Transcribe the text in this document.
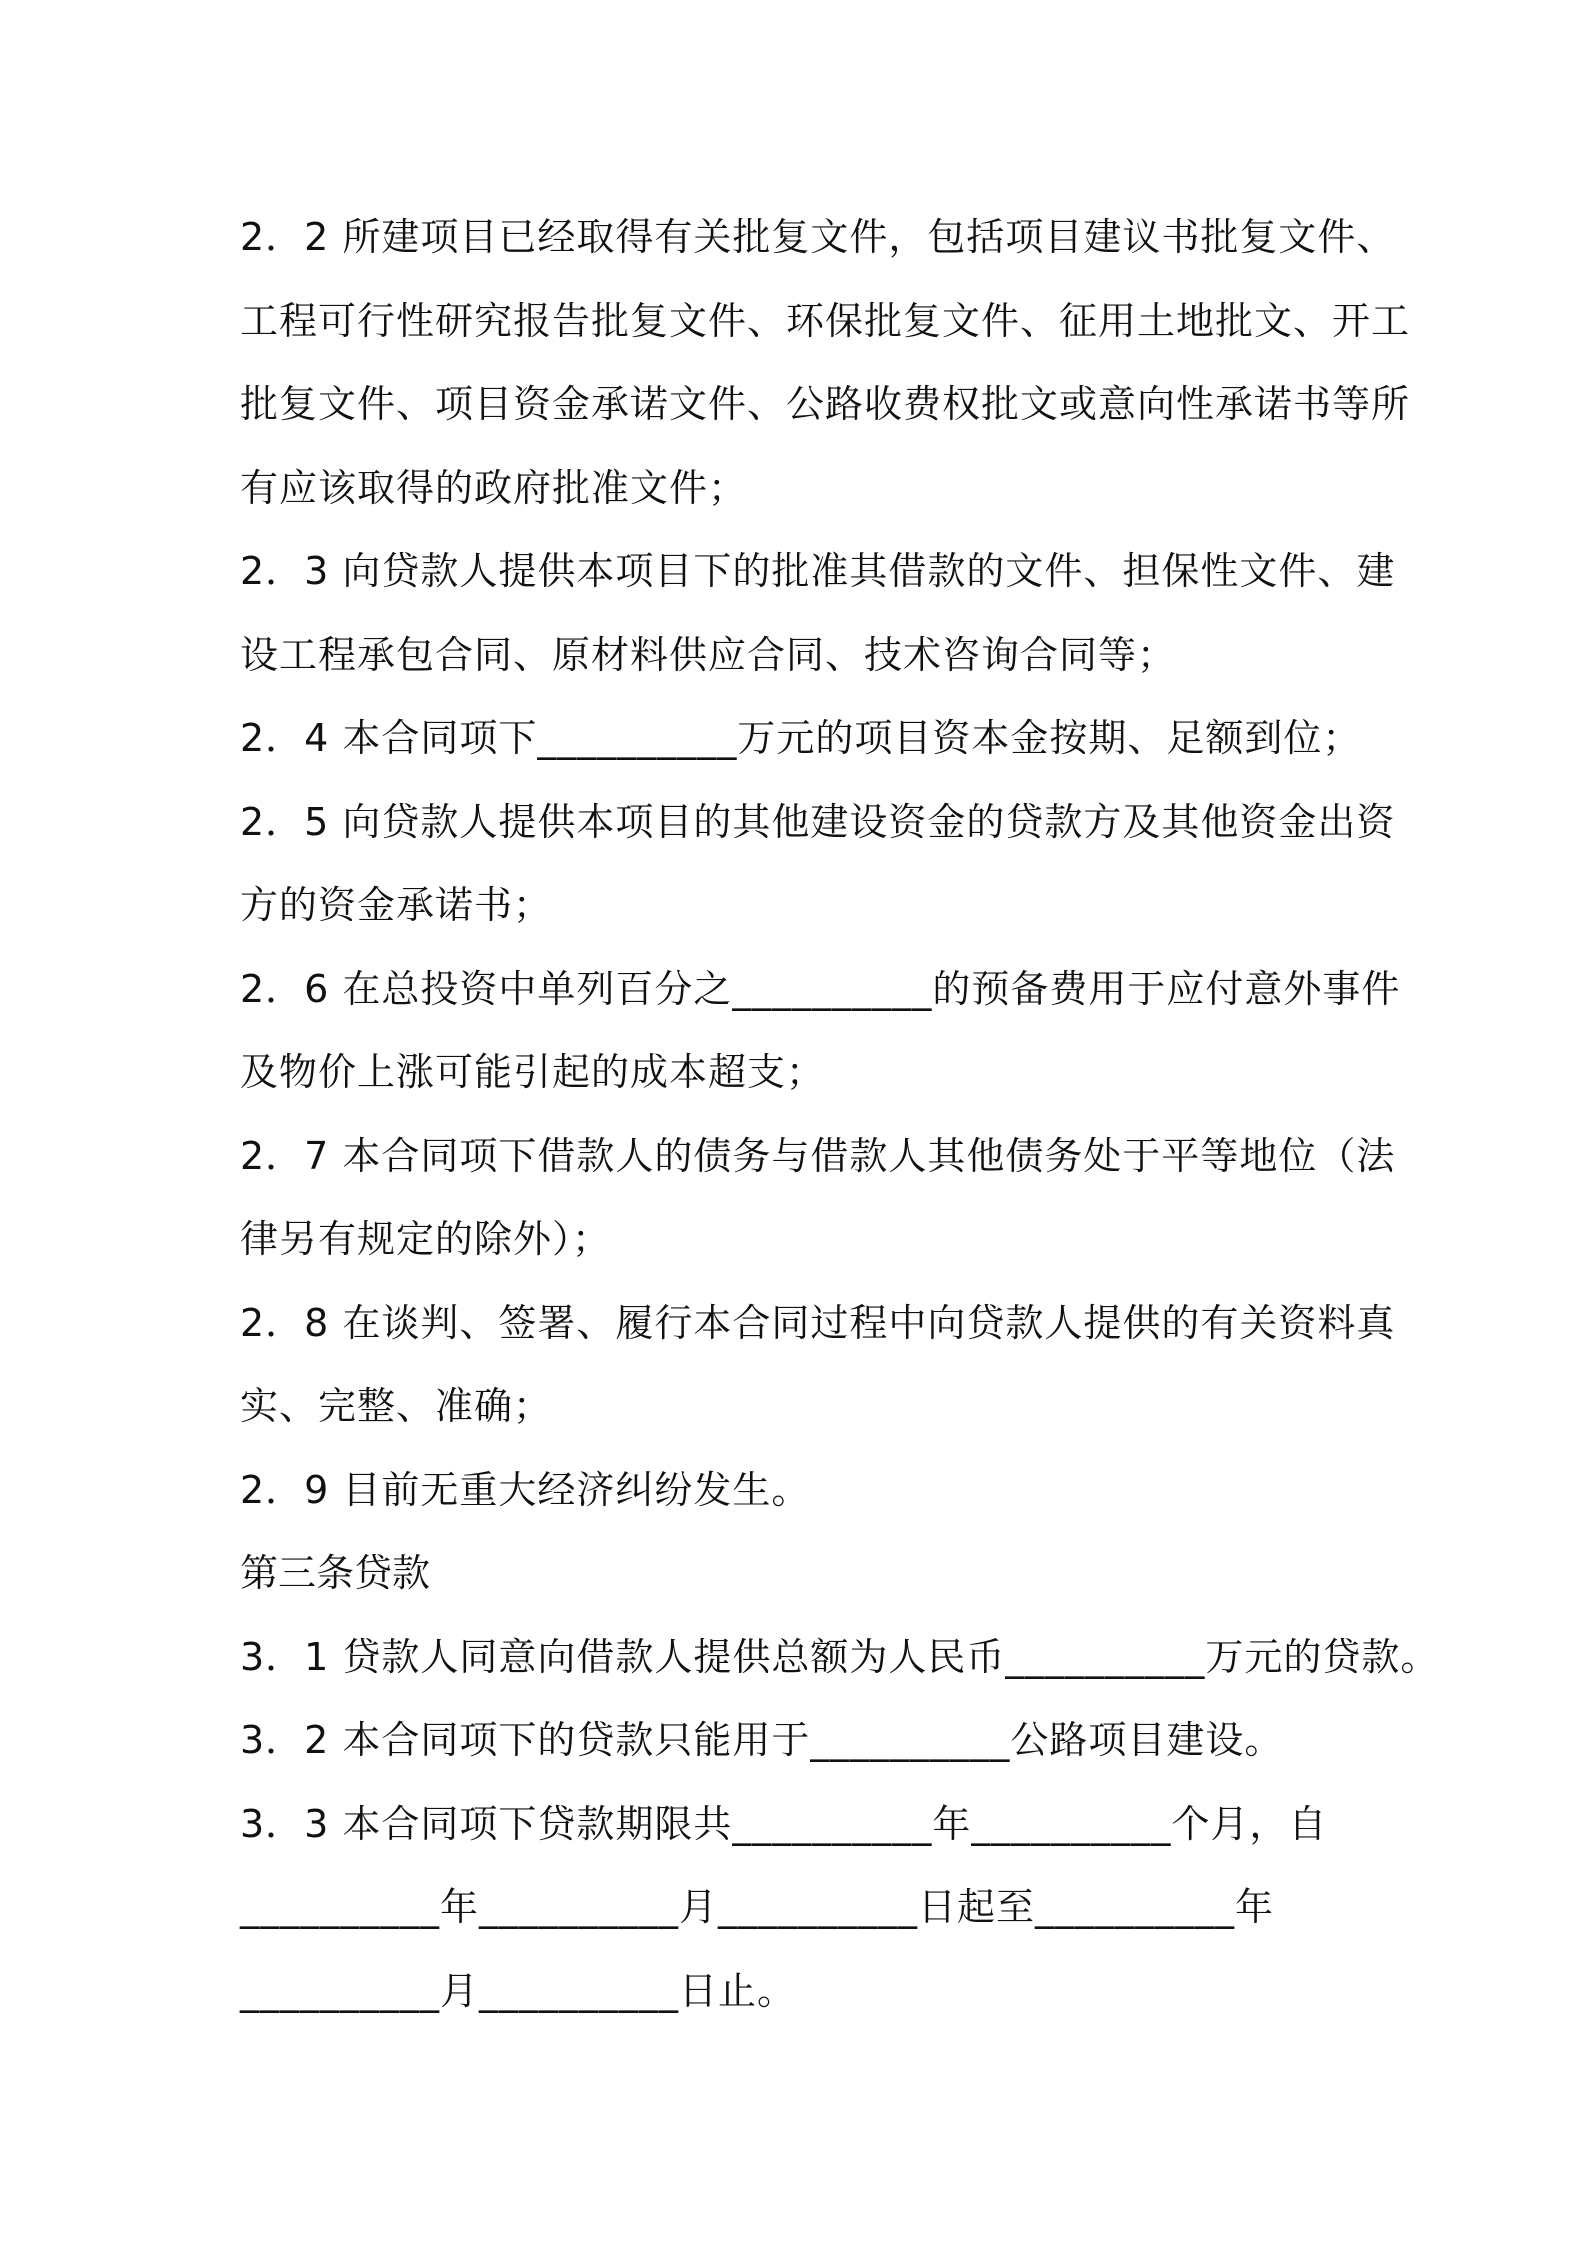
2．2 所建项目已经取得有关批复文件，包括项目建议书批复文件、
工程可行性研究报告批复文件、环保批复文件、征用土地批文、开工
批复文件、项目资金承诺文件、公路收费权批文或意向性承诺书等所
有应该取得的政府批准文件；
2．3 向贷款人提供本项目下的批准其借款的文件、担保性文件、建
设工程承包合同、原材料供应合同、技术咨询合同等；
2．4 本合同项下__________万元的项目资本金按期、足额到位；
2．5 向贷款人提供本项目的其他建设资金的贷款方及其他资金出资
方的资金承诺书；
2．6 在总投资中单列百分之__________的预备费用于应付意外事件
及物价上涨可能引起的成本超支；
2．7 本合同项下借款人的债务与借款人其他债务处于平等地位（法
律另有规定的除外）；
2．8 在谈判、签署、履行本合同过程中向贷款人提供的有关资料真
实、完整、准确；
2．9 目前无重大经济纠纷发生。
第三条贷款
3．1 贷款人同意向借款人提供总额为人民币__________万元的贷款。
3．2 本合同项下的贷款只能用于__________公路项目建设。
3．3 本合同项下贷款期限共__________年__________个月，自
__________年__________月__________日起至__________年
__________月__________日止。
